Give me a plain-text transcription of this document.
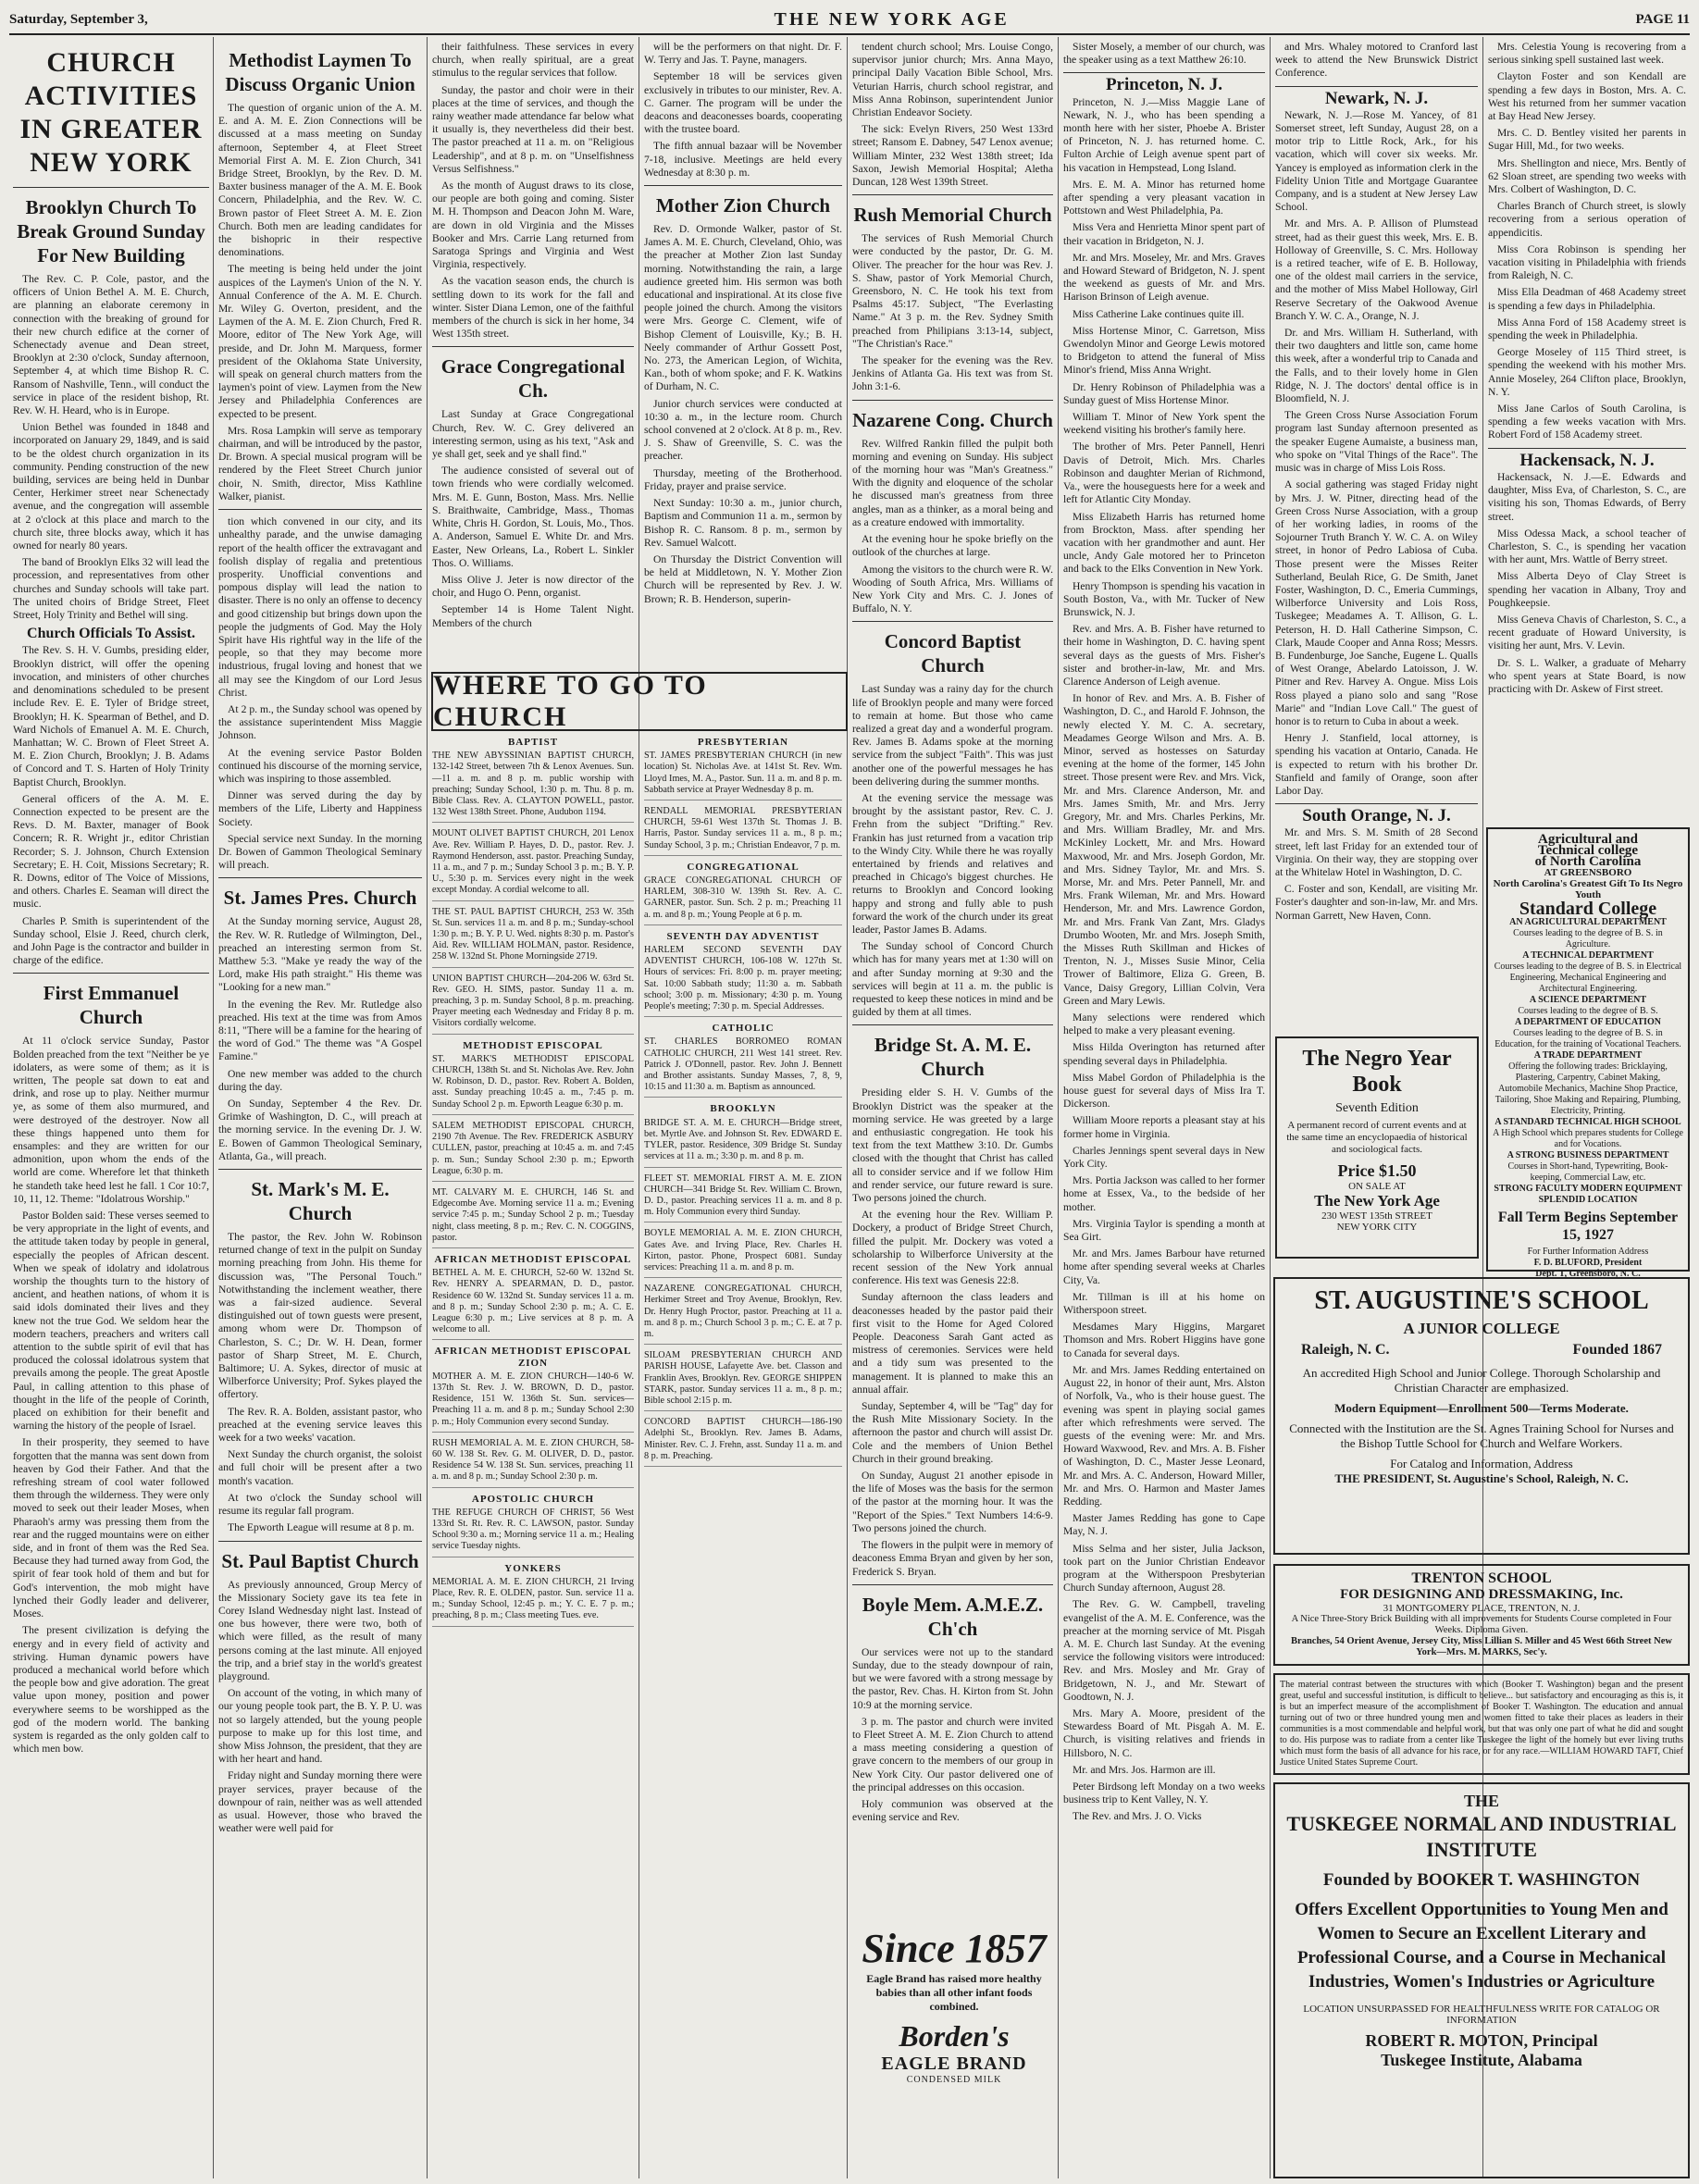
Saturday, September 3,	THE NEW YORK AGE	PAGE 11
CHURCH ACTIVITIES IN GREATER NEW YORK
Brooklyn Church To Break Ground Sunday For New Building

The Rev. C. P. Cole, pastor, and the officers of Union Bethel A. M. E. Church, are planning an elaborate ceremony in connection with the breaking of ground for their new church edifice at the corner of Schenectady avenue and Dean street, Brooklyn at 2:30 o'clock, Sunday afternoon, September 4, at which time Bishop R. C. Ransom of Nashville, Tenn., will conduct the service in place of the resident bishop, Rt. Rev. W. H. Heard, who is in Europe.

Union Bethel was founded in 1848 and incorporated on January 29, 1849, and is said to be the oldest church organization in its community. Pending construction of the new building, services are being held in Dunbar Center, Herkimer street near Schenectady avenue, and the congregation will assemble at 2 o'clock at this place and march to the church site, three blocks away, which it has owned for nearly 80 years.

The band of Brooklyn Elks 32 will lead the procession, and representatives from other churches and Sunday schools will take part. The united choirs of Bridge Street, Fleet Street, Holy Trinity and Bethel will sing.

Church Officials To Assist.

The Rev. S. H. V. Gumbs, presiding elder, Brooklyn district, will offer the opening invocation, and ministers of other churches and denominations scheduled to be present include Rev. E. E. Tyler of Bridge street, Brooklyn; H. K. Spearman of Bethel, and D. Ward Nichols of Emanuel A. M. E. Church, Manhattan; W. C. Brown of Fleet Street A. M. E. Zion Church, Brooklyn; J. B. Adams of Concord and T. S. Harten of Holy Trinity Baptist Church, Brooklyn.

General officers of the A. M. E. Connection expected to be present are the Revs. D. M. Baxter, manager of Book Concern; R. R. Wright jr., editor Christian Recorder; S. J. Johnson, Church Extension Secretary; E. H. Coit, Missions Secretary; R. R. Downs, editor of The Voice of Missions, and others. Charles E. Seaman will direct the music.

Charles P. Smith is superintendent of the Sunday school, Elsie J. Reed, church clerk, and John Page is the contractor and builder in charge of the edifice.

First Emmanuel Church

At 11 o'clock service Sunday, Pastor Bolden preached from the text "Neither be ye idolaters, as were some of them; as it is written, The people sat down to eat and drink, and rose up to play. Neither murmur ye, as some of them also murmured, and were destroyed of the destroyer. Now all these things happened unto them for ensamples: and they are written for our admonition, upon whom the ends of the world are come. Wherefore let that thinketh he standeth take heed lest he fall. 1 Cor 10:7, 10, 11, 12. Theme: "Idolatrous Worship."

Pastor Bolden said: These verses seemed to be very appropriate in the light of events, and the attitude taken today by people in general, especially the peoples of African descent. When we speak of idolatry and idolatrous worship the thoughts turn to the history of ancient, and heathen nations, of whom it is said idols dominated their lives and they knew not the true God. We seldom hear the modern teachers, preachers and writers call attention to the subtle spirit of evil that has produced the colossal idolatrous system that prevails among the people. The great Apostle Paul, in calling attention to this phase of thought in the life of the people of Corinth, placed on exhibition for their benefit and warning the history of the people of Israel.

In their prosperity, they seemed to have forgotten that the manna was sent down from heaven by God their Father. And that the refreshing stream of cool water followed them through the wilderness. They were only moved to seek out their leader Moses, when Pharaoh's army was pressing them from the rear and the rugged mountains were on either side, and in front of them was the Red Sea. Because they had turned away from God, the spirit of fear took hold of them and but for God's intervention, the mob might have lynched their Godly leader and deliverer, Moses.

The present civilization is defying the energy and in every field of activity and striving. Human dynamic powers have produced a mechanical world before which the people bow and give adoration. The great value upon money, position and power everywhere seems to be worshipped as the god of the modern world. The banking system is regarded as the only golden calf to which men bow.

Methodist Laymen To Discuss Organic Union

The question of organic union of the A. M. E. and A. M. E. Zion Connections will be discussed at a mass meeting on Sunday afternoon, September 4, at Fleet Street Memorial First A. M. E. Zion Church, 341 Bridge Street, Brooklyn, by the Rev. D. M. Baxter business manager of the A. M. E. Book Concern, Philadelphia, and the Rev. W. C. Brown pastor of Fleet Street A. M. E. Zion Church. Both men are leading candidates for the bishopric in their respective denominations.

The meeting is being held under the joint auspices of the Laymen's Union of the N. Y. Annual Conference of the A. M. E. Church. Mr. Wiley G. Overton, president, and the Laymen of the A. M. E. Zion Church, Fred R. Moore, editor of The New York Age, will preside, and Dr. John M. Marquess, former president of the Oklahoma State University, will speak on general church matters from the laymen's point of view. Laymen from the New Jersey and Philadelphia Conferences are expected to be present.

Mrs. Rosa Lampkin will serve as temporary chairman, and will be introduced by the pastor, Dr. Brown. A special musical program will be rendered by the Fleet Street Church junior choir, N. Smith, director, Miss Kathline Walker, pianist.

tion which convened in our city, and its unhealthy parade, and the unwise damaging report of the health officer the extravagant and foolish display of regalia and pretentious prosperity. Unofficial conventions and pompous display will lead the nation to disaster. There is no only an offense to decency and good citizenship but brings down upon the people the judgments of God. May the Holy Spirit have His rightful way in the life of the people, so that they may become more industrious, frugal loving and honest that we all may see the Kingdom of our Lord Jesus Christ.

At 2 p. m., the Sunday school was opened by the assistance superintendent Miss Maggie Johnson.

At the evening service Pastor Bolden continued his discourse of the morning service, which was inspiring to those assembled.

Dinner was served during the day by members of the Life, Liberty and Happiness Society.

Special service next Sunday. In the morning Dr. Bowen of Gammon Theological Seminary will preach.

St. James Pres. Church

At the Sunday morning service, August 28, the Rev. W. R. Rutledge of Wilmington, Del., preached an interesting sermon from St. Matthew 5:3. "Make ye ready the way of the Lord, make His path straight." His theme was "Looking for a new man."

In the evening the Rev. Mr. Rutledge also preached. His text at the time was from Amos 8:11, "There will be a famine for the hearing of the word of God." The theme was "A Gospel Famine."

One new member was added to the church during the day.

On Sunday, September 4 the Rev. Dr. Grimke of Washington, D. C., will preach at the morning service. In the evening Dr. J. W. E. Bowen of Gammon Theological Seminary, Atlanta, Ga., will preach.

St. Mark's M. E. Church

The pastor, the Rev. John W. Robinson returned change of text in the pulpit on Sunday morning preaching from John. His theme for discussion was, "The Personal Touch." Notwithstanding the inclement weather, there was a fair-sized audience. Several distinguished out of town guests were present, among whom were Dr. Thompson of Charleston, S. C.; Dr. W. H. Dean, former pastor of Sharp Street, M. E. Church, Baltimore; U. A. Sykes, director of music at Wilberforce University; Prof. Sykes played the offertory.

The Rev. R. A. Bolden, assistant pastor, who preached at the evening service leaves this week for a two weeks' vacation.

Next Sunday the church organist, the soloist and full choir will be present after a two month's vacation.

At two o'clock the Sunday school will resume its regular fall program.

The Epworth League will resume at 8 p. m.

St. Paul Baptist Church

As previously announced, Group Mercy of the Missionary Society gave its tea fete in Corey Island Wednesday night last. Instead of one bus however, there were two, both of which were filled, as the result of many persons coming at the last minute. All enjoyed the trip, and a brief stay in the world's greatest playground.

On account of the voting, in which many of our young people took part, the B. Y. P. U. was not so largely attended, but the young people purpose to make up for this lost time, and show Miss Johnson, the president, that they are with her heart and hand.

Friday night and Sunday morning there were prayer services, prayer because of the downpour of rain, neither was as well attended as usual. However, those who braved the weather were well paid for

their faithfulness. These services in every church, when really spiritual, are a great stimulus to the regular services that follow.

Sunday, the pastor and choir were in their places at the time of services, and though the rainy weather made attendance far below what it usually is, they nevertheless did their best. The pastor preached at 11 a. m. on "Religious Leadership", and at 8 p. m. on "Unselfishness Versus Selfishness."

As the month of August draws to its close, our people are both going and coming. Sister M. H. Thompson and Deacon John M. Ware, are down in old Virginia and the Misses Booker and Mrs. Carrie Lang returned from Saratoga Springs and Virginia and West Virginia, respectively.

As the vacation season ends, the church is settling down to its work for the fall and winter. Sister Diana Lemon, one of the faithful members of the church is sick in her home, 34 West 135th street.

Grace Congregational Ch.

Last Sunday at Grace Congregational Church, Rev. W. C. Grey delivered an interesting sermon, using as his text, "Ask and ye shall get, seek and ye shall find."

The audience consisted of several out of town friends who were cordially welcomed. Mrs. M. E. Gunn, Boston, Mass. Mrs. Nellie S. Braithwaite, Cambridge, Mass., Thomas White, Chris H. Gordon, St. Louis, Mo., Thos. A. Anderson, Samuel E. White Dr. and Mrs. Easter, New Orleans, La., Robert L. Sinkler Thos. O. Williams.

Miss Olive J. Jeter is now director of the choir, and Hugo O. Penn, organist.

September 14 is Home Talent Night. Members of the church

will be the performers on that night. Dr. F. W. Terry and Jas. T. Payne, managers.

September 18 will be services given exclusively in tributes to our minister, Rev. A. C. Garner. The program will be under the deacons and deaconesses boards, cooperating with the trustee board.

The fifth annual bazaar will be November 7-18, inclusive. Meetings are held every Wednesday at 8:30 p. m.

Mother Zion Church

Rev. D. Ormonde Walker, pastor of St. James A. M. E. Church, Cleveland, Ohio, was the preacher at Mother Zion last Sunday morning. Notwithstanding the rain, a large audience greeted him. His sermon was both educational and inspirational. At its close five people joined the church. Among the visitors were Mrs. George C. Clement, wife of Bishop Clement of Louisville, Ky.; B. H. Neely commander of Arthur Gossett Post, No. 273, the American Legion, of Wichita, Kan., both of whom spoke; and F. K. Watkins of Durham, N. C.

Junior church services were conducted at 10:30 a. m., in the lecture room. Church school convened at 2 o'clock. At 8 p. m., Rev. J. S. Shaw of Greenville, S. C. was the preacher.

Thursday, meeting of the Brotherhood. Friday, prayer and praise service.

Next Sunday: 10:30 a. m., junior church, Baptism and Communion 11 a. m., sermon by Bishop R. C. Ransom. 8 p. m., sermon by Rev. Samuel Walcott.

On Thursday the District Convention will be held at Middletown, N. Y. Mother Zion Church will be represented by Rev. J. W. Brown; R. B. Henderson, superin-

WHERE TO GO TO CHURCH
BAPTIST
THE NEW ABYSSINIAN BAPTIST CHURCH, 132-142 Street, between 7th & Lenox Avenues. Sun.—11 a. m. and 8 p. m. public worship with preaching; Sunday School, 1:30 p. m. Thu. 8 p. m. Bible Class. Rev. A. CLAYTON POWELL, pastor. 132 West 138th Street. Phone, Audubon 1194.
MOUNT OLIVET BAPTIST CHURCH, 201 Lenox Ave. Rev. William P. Hayes, D. D., pastor. Rev. J. Raymond Henderson, asst. pastor. Preaching Sunday, 11 a. m., and 7 p. m.; Sunday School 3 p. m.; B. Y. P. U., 5:30 p. m. Services every night in the week except Monday. A cordial welcome to all.
THE ST. PAUL BAPTIST CHURCH, 253 W. 35th St. Sun. services 11 a. m. and 8 p. m.; Sunday-school 1:30 p. m.; B. Y. P. U. Wed. nights 8:30 p. m. Pastor's Aid. Rev. WILLIAM HOLMAN, pastor. Residence, 258 W. 132nd St. Phone Morningside 2719.
UNION BAPTIST CHURCH—204-206 W. 63rd St. Rev. GEO. H. SIMS, pastor. Sunday 11 a. m. preaching, 3 p. m. Sunday School, 8 p. m. preaching. Prayer meeting each Wednesday and Friday 8 p. m. Visitors cordially welcome.
METHODIST EPISCOPAL
ST. MARK'S METHODIST EPISCOPAL CHURCH, 138th St. and St. Nicholas Ave. Rev. John W. Robinson, D. D., pastor. Rev. Robert A. Bolden, asst. Sunday preaching 10:45 a. m., 7:45 p. m. Sunday School 2 p. m. Epworth League 6:30 p. m.
SALEM METHODIST EPISCOPAL CHURCH, 2190 7th Avenue. The Rev. FREDERICK ASBURY CULLEN, pastor, preaching at 10:45 a. m. and 7:45 p. m. Sun.; Sunday School 2:30 p. m.; Epworth League, 6:30 p. m.
MT. CALVARY M. E. CHURCH, 146 St. and Edgecombe Ave. Morning service 11 a. m.; Evening service 7:45 p. m.; Sunday School 2 p. m.; Tuesday night, class meeting, 8 p. m.; Rev. C. N. COGGINS, pastor.
AFRICAN METHODIST EPISCOPAL
BETHEL A. M. E. CHURCH, 52-60 W. 132nd St. Rev. HENRY A. SPEARMAN, D. D., pastor. Residence 60 W. 132nd St. Sunday services 11 a. m. and 8 p. m.; Sunday School 2:30 p. m.; A. C. E. League 6:30 p. m.; Live services at 8 p. m. A welcome to all.
AFRICAN METHODIST EPISCOPAL ZION
MOTHER A. M. E. ZION CHURCH—140-6 W. 137th St. Rev. J. W. BROWN, D. D., pastor. Residence, 151 W. 136th St. Sun. services—Preaching 11 a. m. and 8 p. m.; Sunday School 2:30 p. m.; Holy Communion every second Sunday.
RUSH MEMORIAL A. M. E. ZION CHURCH, 58-60 W. 138 St. Rev. G. M. OLIVER, D. D., pastor. Residence 54 W. 138 St. Sun. services, preaching 11 a. m. and 8 p. m.; Sunday School 2:30 p. m.
APOSTOLIC CHURCH
THE REFUGE CHURCH OF CHRIST, 56 West 133rd St. Rt. Rev. R. C. LAWSON, pastor. Sunday School 9:30 a. m.; Morning service 11 a. m.; Healing service Tuesday nights.
YONKERS
MEMORIAL A. M. E. ZION CHURCH, 21 Irving Place, Rev. R. E. OLDEN, pastor. Sun. service 11 a. m.; Sunday School, 12:45 p. m.; Y. C. E. 7 p. m.; preaching, 8 p. m.; Class meeting Tues. eve.
PRESBYTERIAN
ST. JAMES PRESBYTERIAN CHURCH (in new location) St. Nicholas Ave. at 141st St. Rev. Wm. Lloyd Imes, M. A., Pastor. Sun. 11 a. m. and 8 p. m. Sabbath service at Prayer Wednesday 8 p. m.
RENDALL MEMORIAL PRESBYTERIAN CHURCH, 59-61 West 137th St. Thomas J. B. Harris, Pastor. Sunday services 11 a. m., 8 p. m.; Sunday School, 3 p. m.; Christian Endeavor, 7 p. m.
CONGREGATIONAL
GRACE CONGREGATIONAL CHURCH OF HARLEM, 308-310 W. 139th St. Rev. A. C. GARNER, pastor. Sun. Sch. 2 p. m.; Preaching 11 a. m. and 8 p. m.; Young People at 6 p. m.
SEVENTH DAY ADVENTIST
HARLEM SECOND SEVENTH DAY ADVENTIST CHURCH, 106-108 W. 127th St. Hours of services: Fri. 8:00 p. m. prayer meeting; Sat. 10:00 Sabbath study; 11:30 a. m. Sabbath school; 3:00 p. m. Missionary; 4:30 p. m. Young People's meeting; 7:30 p. m. Special Addresses.
CATHOLIC
ST. CHARLES BORROMEO ROMAN CATHOLIC CHURCH, 211 West 141 street. Rev. Patrick J. O'Donnell, pastor. Rev. John J. Bennett and Brother assistants. Sunday Masses, 7, 8, 9, 10:15 and 11:30 a. m. Baptism as announced.
BROOKLYN
BRIDGE ST. A. M. E. CHURCH—Bridge street, bet. Myrtle Ave. and Johnson St. Rev. EDWARD E. TYLER, pastor. Residence, 309 Bridge St. Sunday services at 11 a. m.; 3:30 p. m. and 8 p. m.
FLEET ST. MEMORIAL FIRST A. M. E. ZION CHURCH—341 Bridge St. Rev. William C. Brown, D. D., pastor. Preaching services 11 a. m. and 8 p. m. Holy Communion every third Sunday.
BOYLE MEMORIAL A. M. E. ZION CHURCH, Gates Ave. and Irving Place, Rev. Charles H. Kirton, pastor. Phone, Prospect 6081. Sunday services: Preaching 11 a. m. and 8 p. m.
NAZARENE CONGREGATIONAL CHURCH, Herkimer Street and Troy Avenue, Brooklyn, Rev. Dr. Henry Hugh Proctor, pastor. Preaching at 11 a. m. and 8 p. m.; Church School 3 p. m.; C. E. at 7 p. m.
SILOAM PRESBYTERIAN CHURCH AND PARISH HOUSE, Lafayette Ave. bet. Classon and Franklin Aves, Brooklyn. Rev. GEORGE SHIPPEN STARK, pastor. Sunday services 11 a. m., 8 p. m.; Bible school 2:15 p. m.
CONCORD BAPTIST CHURCH—186-190 Adelphi St., Brooklyn. Rev. James B. Adams, Minister. Rev. C. J. Frehn, asst. Sunday 11 a. m. and 8 p. m. Preaching.

tendent church school; Mrs. Louise Congo, supervisor junior church; Mrs. Anna Mayo, principal Daily Vacation Bible School, Mrs. Veturian Harris, church school registrar, and Miss Anna Robinson, superintendent Junior Christian Endeavor Society.

The sick: Evelyn Rivers, 250 West 133rd street; Ransom E. Dabney, 547 Lenox avenue; William Minter, 232 West 138th street; Ida Saxon, Jewish Memorial Hospital; Aletha Duncan, 128 West 139th Street.

Rush Memorial Church

The services of Rush Memorial Church were conducted by the pastor, Dr. G. M. Oliver. The preacher for the hour was Rev. J. S. Shaw, pastor of York Memorial Church, Greensboro, N. C. He took his text from Psalms 45:17. Subject, "The Everlasting Name." At 3 p. m. the Rev. Sydney Smith preached from Philipians 3:13-14, subject, "The Christian's Race."

The speaker for the evening was the Rev. Jenkins of Atlanta Ga. His text was from St. John 3:1-6.

Nazarene Cong. Church

Rev. Wilfred Rankin filled the pulpit both morning and evening on Sunday. His subject of the morning hour was "Man's Greatness." With the dignity and eloquence of the scholar he discussed man's greatness from three angles, man as a thinker, as a moral being and as a creature endowed with immortality.

At the evening hour he spoke briefly on the outlook of the churches at large.

Among the visitors to the church were R. W. Wooding of South Africa, Mrs. Williams of New York City and Mrs. C. J. Jones of Buffalo, N. Y.

Concord Baptist Church

Last Sunday was a rainy day for the church life of Brooklyn people and many were forced to remain at home. But those who came realized a great day and a wonderful program. Rev. James B. Adams spoke at the morning service from the subject "Faith". This was just another one of the powerful messages he has been delivering during the summer months.

At the evening service the message was brought by the assistant pastor, Rev. C. J. Frehn from the subject "Drifting." Rev. Frankin has just returned from a vacation trip to the Windy City. While there he was royally entertained by friends and relatives and preached in Chicago's biggest churches. He returns to Brooklyn and Concord looking happy and strong and fully able to push forward the work of the church under its great leader, Pastor James B. Adams.

The Sunday school of Concord Church which has for many years met at 1:30 will on and after Sunday morning at 9:30 and the services will begin at 11 a. m. the public is requested to keep these notices in mind and be guided by them at all times.

Bridge St. A. M. E. Church

Presiding elder S. H. V. Gumbs of the Brooklyn District was the speaker at the morning service. He was greeted by a large and enthusiastic congregation. He took his text from the text Matthew 3:10. Dr. Gumbs closed with the thought that Christ has called all to consider service and if we follow Him and render service, our future reward is sure. Two persons joined the church.

At the evening hour the Rev. William P. Dockery, a product of Bridge Street Church, filled the pulpit. Mr. Dockery was voted a scholarship to Wilberforce University at the recent session of the New York annual conference. His text was Genesis 22:8.

Sunday afternoon the class leaders and deaconesses headed by the pastor paid their first visit to the Home for Aged Colored People. Deaconess Sarah Gant acted as mistress of ceremonies. Services were held and a tidy sum was presented to the management. It is planned to make this an annual affair.

Sunday, September 4, will be "Tag" day for the Rush Mite Missionary Society. In the afternoon the pastor and church will assist Dr. Cole and the members of Union Bethel Church in their ground breaking.

On Sunday, August 21 another episode in the life of Moses was the basis for the sermon of the pastor at the morning hour. It was the "Report of the Spies." Text Numbers 14:6-9. Two persons joined the church.

The flowers in the pulpit were in memory of deaconess Emma Bryan and given by her son, Frederick S. Bryan.

Boyle Mem. A.M.E.Z. Ch'ch

Our services were not up to the standard Sunday, due to the steady downpour of rain, but we were favored with a strong message by the pastor, Rev. Chas. H. Kirton from St. John 10:9 at the morning service.

3 p. m. The pastor and church were invited to Fleet Street A. M. E. Zion Church to attend a mass meeting considering a question of grave concern to the members of our group in New York City. Our pastor delivered one of the principal addresses on this occasion.

Holy communion was observed at the evening service and Rev.

Since 1857
Eagle Brand has raised more healthy babies than all other infant foods combined.
Borden's
EAGLE BRAND
CONDENSED MILK

Sister Mosely, a member of our church, was the speaker using as a text Matthew 26:10.

Princeton, N. J.

Princeton, N. J.—Miss Maggie Lane of Newark, N. J., who has been spending a month here with her sister, Phoebe A. Brister of Princeton, N. J. has returned home. C. Fulton Archie of Leigh avenue spent part of his vacation in Hempstead, Long Island.

Mrs. E. M. A. Minor has returned home after spending a very pleasant vacation in Pottstown and West Philadelphia, Pa.

Miss Vera and Henrietta Minor spent part of their vacation in Bridgeton, N. J.

Mr. and Mrs. Moseley, Mr. and Mrs. Graves and Howard Steward of Bridgeton, N. J. spent the weekend as guests of Mr. and Mrs. Harison Brinson of Leigh avenue.

Miss Catherine Lake continues quite ill.

Miss Hortense Minor, C. Garretson, Miss Gwendolyn Minor and George Lewis motored to Bridgeton to attend the funeral of Miss Minor's friend, Miss Anna Wright.

Dr. Henry Robinson of Philadelphia was a Sunday guest of Miss Hortense Minor.

William T. Minor of New York spent the weekend visiting his brother's family here.

The brother of Mrs. Peter Pannell, Henri Davis of Detroit, Mich. Mrs. Charles Robinson and daughter Merian of Richmond, Va., were the houseguests here for a week and left for Atlantic City Monday.

Miss Elizabeth Harris has returned home from Brockton, Mass. after spending her vacation with her grandmother and aunt. Her uncle, Andy Gale motored her to Princeton and back to the Elks Convention in New York.

Henry Thompson is spending his vacation in South Boston, Va., with Mr. Tucker of New Brunswick, N. J.

Rev. and Mrs. A. B. Fisher have returned to their home in Washington, D. C. having spent several days as the guests of Mrs. Fisher's sister and brother-in-law, Mr. and Mrs. Clarence Anderson of Leigh avenue.

In honor of Rev. and Mrs. A. B. Fisher of Washington, D. C., and Harold F. Johnson, the newly elected Y. M. C. A. secretary, Meadames George Wilson and Mrs. A. B. Minor, served as hostesses on Saturday evening at the home of the former, 145 John street. Those present were Rev. and Mrs. Vick, Mr. and Mrs. Clarence Anderson, Mr. and Mrs. James Smith, Mr. and Mrs. Jerry Gregory, Mr. and Mrs. Charles Perkins, Mr. and Mrs. William Bradley, Mr. and Mrs. McKinley Lockett, Mr. and Mrs. Howard Maxwood, Mr. and Mrs. Joseph Gordon, Mr. and Mrs. Sidney Taylor, Mr. and Mrs. S. Morse, Mr. and Mrs. Peter Pannell, Mr. and Mrs. Frank Wileman, Mr. and Mrs. Howard Henderson, Mr. and Mrs. Lawrence Gordon, Mr. and Mrs. Frank Van Zant, Mrs. Gladys Drumbo Wooten, Mr. and Mrs. Joseph Smith, the Misses Ruth Skillman and Hickes of Trenton, N. J., Misses Susie Minor, Celia Trower of Baltimore, Eliza G. Green, B. Vance, Daisy Gregory, Lillian Colvin, Vera Green and Mary Lewis.

Many selections were rendered which helped to make a very pleasant evening.

Miss Hilda Overington has returned after spending several days in Philadelphia.

Miss Mabel Gordon of Philadelphia is the house guest for several days of Miss Ira T. Dickerson.

William Moore reports a pleasant stay at his former home in Virginia.

Charles Jennings spent several days in New York City.

Mrs. Portia Jackson was called to her former home at Essex, Va., to the bedside of her mother.

Mrs. Virginia Taylor is spending a month at Sea Girt.

Mr. and Mrs. James Barbour have returned home after spending several weeks at Charles City, Va.

Mr. Tillman is ill at his home on Witherspoon street.

Mesdames Mary Higgins, Margaret Thomson and Mrs. Robert Higgins have gone to Canada for several days.

Mr. and Mrs. James Redding entertained on August 22, in honor of their aunt, Mrs. Alston of Norfolk, Va., who is their house guest. The evening was spent in playing social games after which refreshments were served. The guests of the evening were: Mr. and Mrs. Howard Waxwood, Rev. and Mrs. A. B. Fisher of Washington, D. C., Master Jesse Leonard, Mr. and Mrs. A. C. Anderson, Howard Miller, Mr. and Mrs. O. Harmon and Master James Redding.

Master James Redding has gone to Cape May, N. J.

Miss Selma and her sister, Julia Jackson, took part on the Junior Christian Endeavor program at the Witherspoon Presbyterian Church Sunday afternoon, August 28.

The Rev. G. W. Campbell, traveling evangelist of the A. M. E. Conference, was the preacher at the morning service of Mt. Pisgah A. M. E. Church last Sunday. At the evening service the following visitors were introduced: Rev. and Mrs. Mosley and Mr. Gray of Bridgetown, N. J., and Mr. Stewart of Goodtown, N. J.

Mrs. Mary A. Moore, president of the Stewardess Board of Mt. Pisgah A. M. E. Church, is visiting relatives and friends in Hillsboro, N. C.

Mr. and Mrs. Jos. Harmon are ill.

Peter Birdsong left Monday on a two weeks business trip to Kent Valley, N. Y.

The Rev. and Mrs. J. O. Vicks

and Mrs. Whaley motored to Cranford last week to attend the New Brunswick District Conference.

Newark, N. J.

Newark, N. J.—Rose M. Yancey, of 81 Somerset street, left Sunday, August 28, on a motor trip to Little Rock, Ark., for his vacation, which will cover six weeks. Mr. Yancey is employed as information clerk in the Fidelity Union Title and Mortgage Guarantee Company, and is a student at New Jersey Law School.

Mr. and Mrs. A. P. Allison of Plumstead street, had as their guest this week, Mrs. E. B. Holloway of Greenville, S. C. Mrs. Holloway is a retired teacher, wife of E. B. Holloway, one of the oldest mail carriers in the service, and the mother of Miss Mabel Holloway, Girl Reserve Secretary of the Oakwood Avenue Branch Y. W. C. A., Orange, N. J.

Dr. and Mrs. William H. Sutherland, with their two daughters and little son, came home this week, after a wonderful trip to Canada and the Falls, and to their lovely home in Glen Ridge, N. J. The doctors' dental office is in Bloomfield, N. J.

The Green Cross Nurse Association Forum program last Sunday afternoon presented as the speaker Eugene Aumaiste, a business man, who spoke on "Vital Things of the Race". The music was in charge of Miss Lois Ross.

A social gathering was staged Friday night by Mrs. J. W. Pitner, directing head of the Green Cross Nurse Association, with a group of her working ladies, in rooms of the Sojourner Truth Branch Y. W. C. A. on Wiley street, in honor of Pedro Labiosa of Cuba. Those present were the Misses Reiter Sutherland, Beulah Rice, G. De Smith, Janet Foster, Washington, D. C., Emeria Cummings, Wilberforce University and Lois Ross, Tuskegee; Meadames A. T. Allison, G. L. Peterson, H. D. Hall Catherine Simpson, C. Clark, Maude Cooper and Anna Ross; Messrs. B. Fundenburge, Joe Sanche, Eugene L. Qualls of West Orange, Abelardo Latoisson, J. W. Pitner and Rev. Harvey A. Ongue. Miss Lois Ross played a piano solo and sang "Rose Marie" and "Indian Love Call." The guest of honor is to return to Cuba in about a week.

Henry J. Stanfield, local attorney, is spending his vacation at Ontario, Canada. He is expected to return with his brother Dr. Stanfield and family of Orange, soon after Labor Day.

South Orange, N. J.

Mr. and Mrs. S. M. Smith of 28 Second street, left last Friday for an extended tour of Virginia. On their way, they are stopping over at the Whitelaw Hotel in Washington, D. C.

C. Foster and son, Kendall, are visiting Mr. Foster's daughter and son-in-law, Mr. and Mrs. Norman Garrett, New Haven, Conn.

The Negro Year Book
Seventh Edition
A permanent record of current events and at the same time an encyclopaedia of historical and sociological facts.
Price $1.50
ON SALE AT
The New York Age
230 WEST 135th STREET
NEW YORK CITY

Mrs. Celestia Young is recovering from a serious sinking spell sustained last week.

Clayton Foster and son Kendall are spending a few days in Boston, Mrs. A. C. West his returned from her summer vacation at Bay Head New Jersey.

Mrs. C. D. Bentley visited her parents in Sugar Hill, Md., for two weeks.

Mrs. Shellington and niece, Mrs. Bently of 62 Sloan street, are spending two weeks with Mrs. Colbert of Washington, D. C.

Charles Branch of Church street, is slowly recovering from a serious operation of appendicitis.

Miss Cora Robinson is spending her vacation visiting in Philadelphia with friends from Raleigh, N. C.

Miss Ella Deadman of 468 Academy street is spending a few days in Philadelphia.

Miss Anna Ford of 158 Academy street is spending the week in Philadelphia.

George Moseley of 115 Third street, is spending the weekend with his mother Mrs. Annie Moseley, 264 Clifton place, Brooklyn, N. Y.

Miss Jane Carlos of South Carolina, is spending a few weeks vacation with Mrs. Robert Ford of 158 Academy street.

Hackensack, N. J.

Hackensack, N. J.—E. Edwards and daughter, Miss Eva, of Charleston, S. C., are visiting his son, Thomas Edwards, of Berry street.

Miss Odessa Mack, a school teacher of Charleston, S. C., is spending her vacation with her aunt, Mrs. Wattle of Berry street.

Miss Alberta Deyo of Clay Street is spending her vacation in Albany, Troy and Poughkeepsie.

Miss Geneva Chavis of Charleston, S. C., a recent graduate of Howard University, is visiting her aunt, Mrs. V. Levin.

Dr. S. L. Walker, a graduate of Meharry who spent years at State Board, is now practicing with Dr. Askew of First street.

Agricultural and
Technical college
of North Carolina
AT GREENSBORO
North Carolina's Greatest Gift To Its Negro Youth
Standard College
AN AGRICULTURAL DEPARTMENT
Courses leading to the degree of B. S. in Agriculture.
A TECHNICAL DEPARTMENT
Courses leading to the degree of B. S. in Electrical Engineering, Mechanical Engineering and Architectural Engineering.
A SCIENCE DEPARTMENT
Courses leading to the degree of B. S.
A DEPARTMENT OF EDUCATION
Courses leading to the degree of B. S. in Education, for the training of Vocational Teachers.
A TRADE DEPARTMENT
Offering the following trades: Bricklaying, Plastering, Carpentry, Cabinet Making, Automobile Mechanics, Machine Shop Practice, Tailoring, Shoe Making and Repairing, Plumbing, Electricity, Printing.
A STANDARD TECHNICAL HIGH SCHOOL
A High School which prepares students for College and for Vocations.
A STRONG BUSINESS DEPARTMENT
Courses in Short-hand, Typewriting, Book-keeping, Commercial Law, etc.
STRONG FACULTY MODERN EQUIPMENT SPLENDID LOCATION
Fall Term Begins September 15, 1927
For Further Information Address
F. D. BLUFORD, President
Dept. T, Greensboro, N. C.
ST. AUGUSTINE'S SCHOOL
A JUNIOR COLLEGE
Raleigh, N. C.	Founded 1867
An accredited High School and Junior College. Thorough Scholarship and Christian Character are emphasized.
Modern Equipment—Enrollment 500—Terms Moderate.
Connected with the Institution are the St. Agnes Training School for Nurses and the Bishop Tuttle School for Church and Welfare Workers.
For Catalog and Information, Address
THE PRESIDENT, St. Augustine's School, Raleigh, N. C.
TRENTON SCHOOL
FOR DESIGNING AND DRESSMAKING, Inc.
31 MONTGOMERY PLACE, TRENTON, N. J.
A Nice Three-Story Brick Building with all improvements for Students Course completed in Four Weeks. Diploma Given.
Branches, 54 Orient Avenue, Jersey City, Miss Lillian S. Miller and 45 West 66th Street New York—Mrs. M. MARKS, Sec'y.
The material contrast between the structures with which (Booker T. Washington) began and the present great, useful and successful institution, is difficult to believe... but satisfactory and encouraging as this is, it is but an imperfect measure of the accomplishment of Booker T. Washington. The education and annual turning out of two or three hundred young men and women fitted to take their places as leaders in their communities is a most commendable and helpful work, but that was only one part of what he did and sought to do. His purpose was to radiate from a center like Tuskegee the light of the homely but ever living truths which must form the basis of all advance for his race, or for any race.—WILLIAM HOWARD TAFT, Chief Justice United States Supreme Court.
THE
TUSKEGEE NORMAL AND INDUSTRIAL INSTITUTE
Founded by BOOKER T. WASHINGTON
Offers Excellent Opportunities to Young Men and Women to Secure an Excellent Literary and Professional Course, and a Course in Mechanical Industries, Women's Industries or Agriculture
LOCATION UNSURPASSED FOR HEALTHFULNESS WRITE FOR CATALOG OR INFORMATION
ROBERT R. MOTON, Principal
Tuskegee Institute, Alabama
